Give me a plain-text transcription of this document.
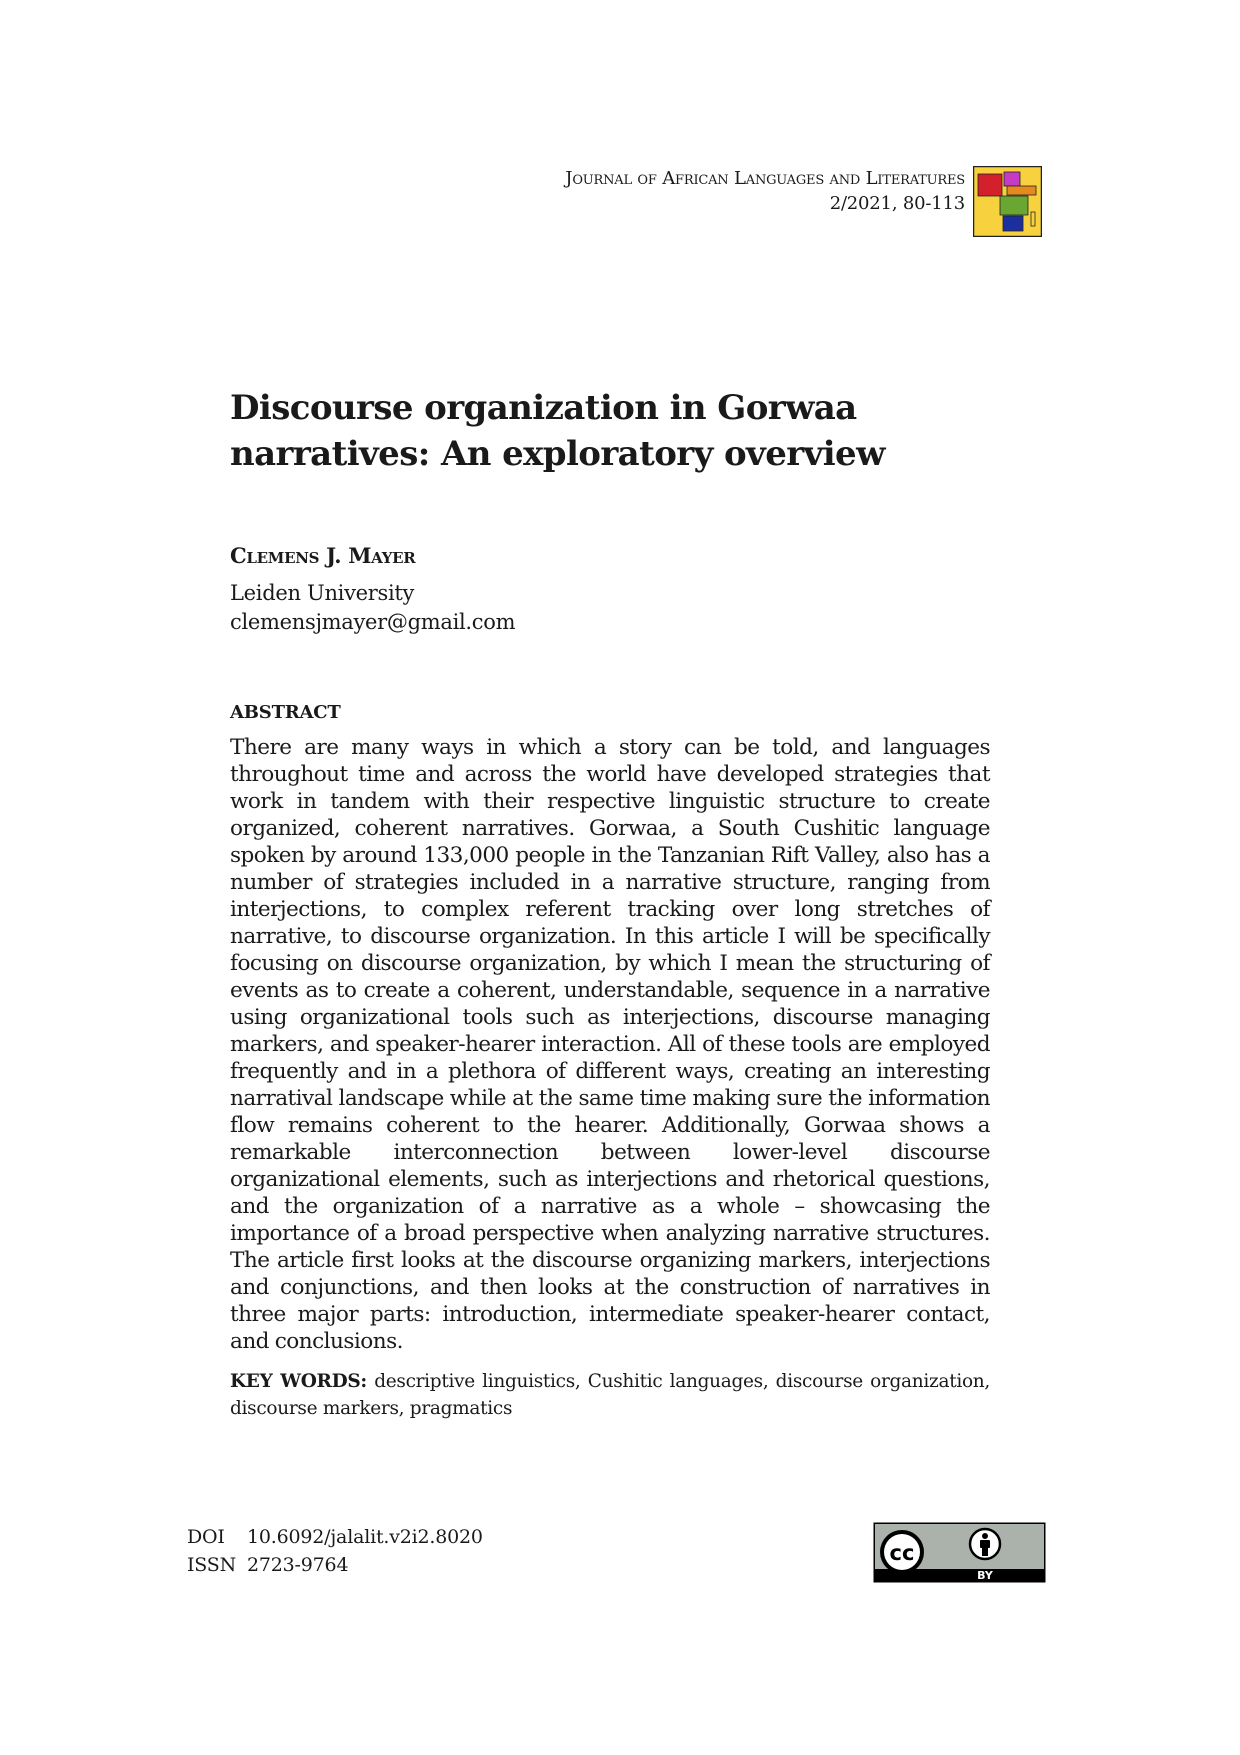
Journal of African Languages and Literatures
2/2021, 80-113
Discourse organization in Gorwaa
narratives: An exploratory overview
Clemens J. Mayer
Leiden University
clemensjmayer@gmail.com
ABSTRACT

There are many ways in which a story can be told, and languages throughout time and across the world have developed strategies that work in tandem with their respective linguistic structure to create organized, coherent narratives. Gorwaa, a South Cushitic language spoken by around 133,000 people in the Tanzanian Rift Valley, also has a number of strategies included in a narrative structure, ranging from interjections, to complex referent tracking over long stretches of narrative, to discourse organization. In this article I will be specifically focusing on discourse organization, by which I mean the structuring of events as to create a coherent, understandable, sequence in a narrative using organizational tools such as interjections, discourse managing markers, and speaker-hearer interaction. All of these tools are employed frequently and in a plethora of different ways, creating an interesting narratival landscape while at the same time making sure the information flow remains coherent to the hearer. Additionally, Gorwaa shows a remarkable interconnection between lower-level discourse organizational elements, such as interjections and rhetorical questions, and the organization of a narrative as a whole – showcasing the importance of a broad perspective when analyzing narrative structures. The article first looks at the discourse organizing markers, interjections and conjunctions, and then looks at the construction of narratives in three major parts: introduction, intermediate speaker-hearer contact, and conclusions.

KEY WORDS: descriptive linguistics, Cushitic languages, discourse organization, discourse markers, pragmatics

DOI 10.6092/jalalit.v2i2.8020
ISSN 2723-9764	cc
BY
